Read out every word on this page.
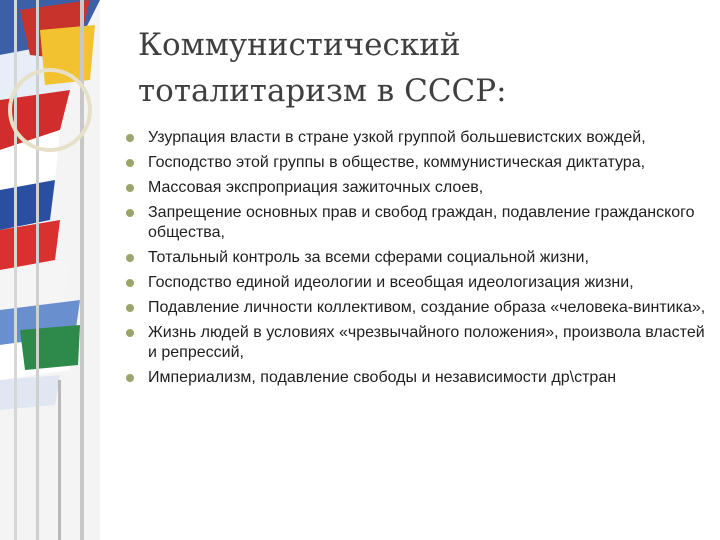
Коммунистический тоталитаризм в СССР:
Узурпация власти в стране узкой группой большевистских вождей,
Господство этой группы в обществе, коммунистическая диктатура,
Массовая экспроприация зажиточных слоев,
Запрещение основных прав и свобод граждан, подавление гражданского общества,
Тотальный контроль за всеми сферами социальной жизни,
Господство единой идеологии и всеобщая идеологизация жизни,
Подавление личности коллективом, создание образа «человека-винтика»,
Жизнь людей в условиях «чрезвычайного положения», произвола властей и репрессий,
Империализм, подавление свободы и независимости др\стран
